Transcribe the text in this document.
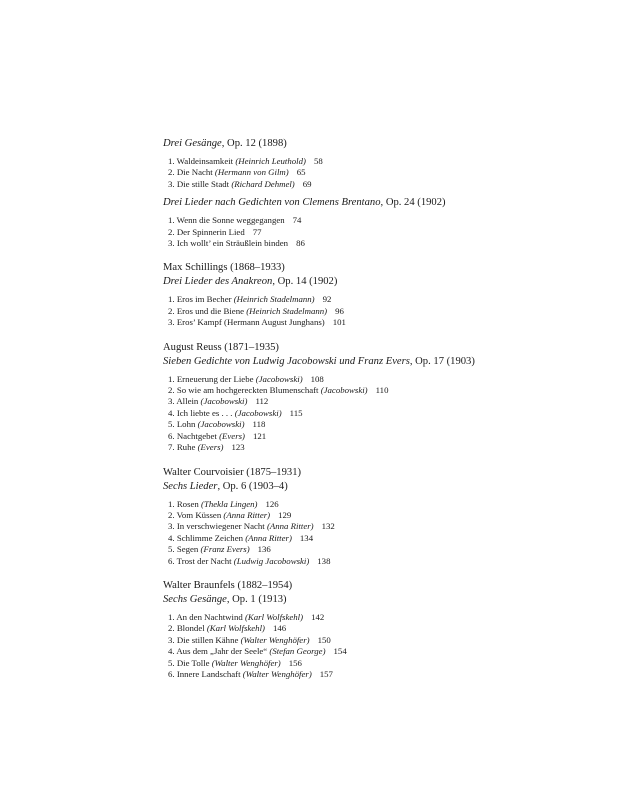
Drei Gesänge, Op. 12 (1898)

1. Waldeinsamkeit (Heinrich Leuthold) 58
2. Die Nacht (Hermann von Gilm) 65
3. Die stille Stadt (Richard Dehmel) 69

Drei Lieder nach Gedichten von Clemens Brentano, Op. 24 (1902)

1. Wenn die Sonne weggegangen 74
2. Der Spinnerin Lied 77
3. Ich wollt’ ein Sträußlein binden 86

Max Schillings (1868–1933)

Drei Lieder des Anakreon, Op. 14 (1902)

1. Eros im Becher (Heinrich Stadelmann) 92
2. Eros und die Biene (Heinrich Stadelmann) 96
3. Eros’ Kampf (Hermann August Junghans) 101

August Reuss (1871–1935)

Sieben Gedichte von Ludwig Jacobowski und Franz Evers, Op. 17 (1903)

1. Erneuerung der Liebe (Jacobowski) 108
2. So wie am hochgereckten Blumenschaft (Jacobowski) 110
3. Allein (Jacobowski) 112
4. Ich liebte es . . . (Jacobowski) 115
5. Lohn (Jacobowski) 118
6. Nachtgebet (Evers) 121
7. Ruhe (Evers) 123

Walter Courvoisier (1875–1931)

Sechs Lieder, Op. 6 (1903–4)

1. Rosen (Thekla Lingen) 126
2. Vom Küssen (Anna Ritter) 129
3. In verschwiegener Nacht (Anna Ritter) 132
4. Schlimme Zeichen (Anna Ritter) 134
5. Segen (Franz Evers) 136
6. Trost der Nacht (Ludwig Jacobowski) 138

Walter Braunfels (1882–1954)

Sechs Gesänge, Op. 1 (1913)

1. An den Nachtwind (Karl Wolfskehl) 142
2. Blondel (Karl Wolfskehl) 146
3. Die stillen Kähne (Walter Wenghöfer) 150
4. Aus dem „Jahr der Seele“ (Stefan George) 154
5. Die Tolle (Walter Wenghöfer) 156
6. Innere Landschaft (Walter Wenghöfer) 157
